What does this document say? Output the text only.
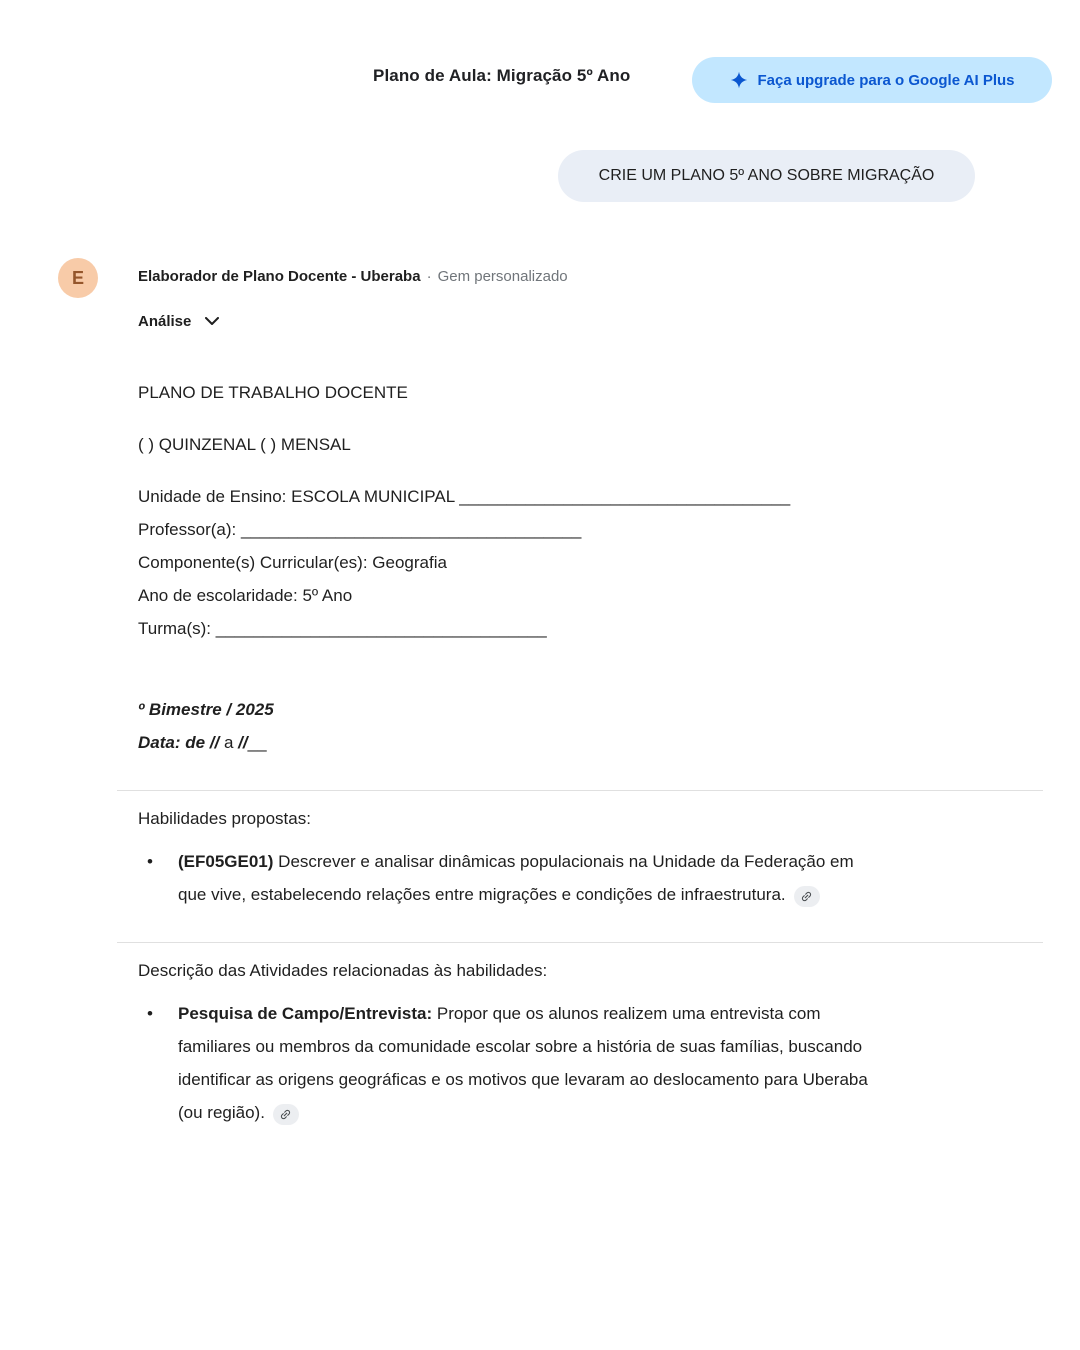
Plano de Aula: Migração 5º Ano	Faça upgrade para o Google AI Plus
CRIE UM PLANO 5º ANO SOBRE MIGRAÇÃO
E	Elaborador de Plano Docente - Uberaba · Gem personalizado
Análise

PLANO DE TRABALHO DOCENTE

( ) QUINZENAL ( ) MENSAL

Unidade de Ensino: ESCOLA MUNICIPAL ___________________________________

Professor(a): ____________________________________

Componente(s) Curricular(es): Geografia

Ano de escolaridade: 5º Ano

Turma(s): ___________________________________

º Bimestre / 2025

Data: de // a //__

Habilidades propostas:

• (EF05GE01) Descrever e analisar dinâmicas populacionais na Unidade da Federação em que vive, estabelecendo relações entre migrações e condições de infraestrutura.

Descrição das Atividades relacionadas às habilidades:

• Pesquisa de Campo/Entrevista: Propor que os alunos realizem uma entrevista com familiares ou membros da comunidade escolar sobre a história de suas famílias, buscando identificar as origens geográficas e os motivos que levaram ao deslocamento para Uberaba (ou região).
